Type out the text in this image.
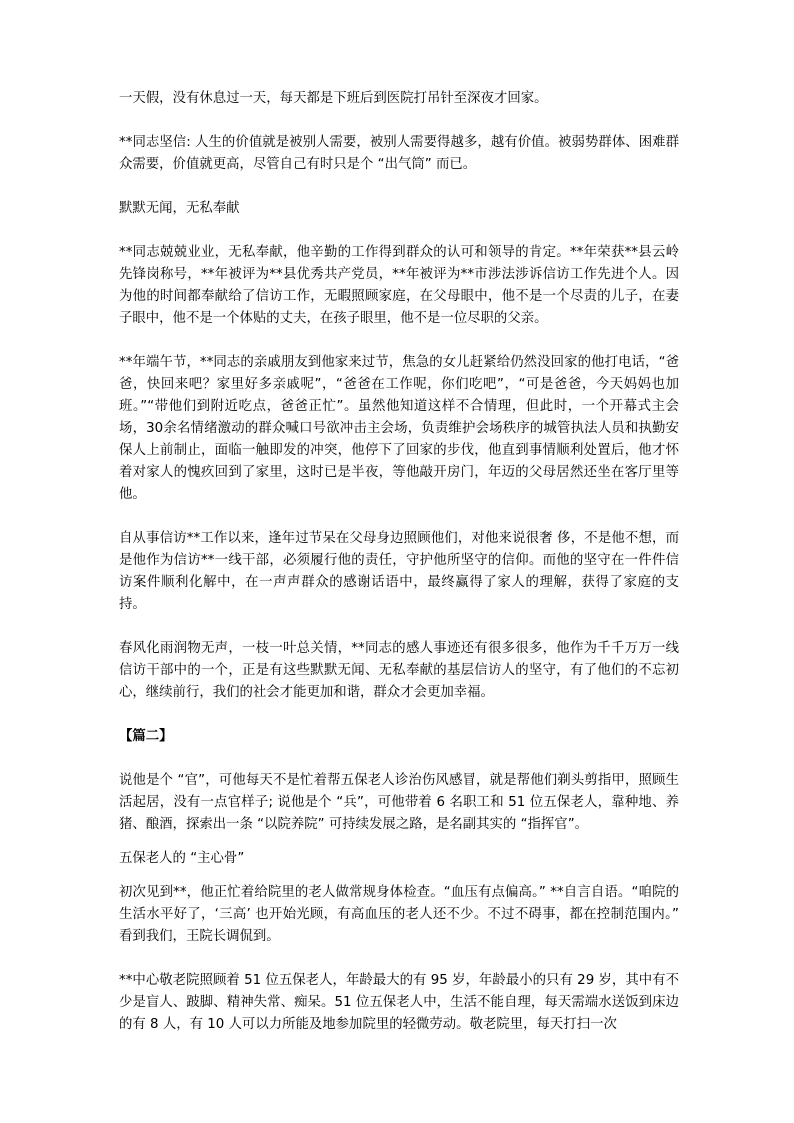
一天假，没有休息过一天，每天都是下班后到医院打吊针至深夜才回家。

**同志坚信: 人生的价值就是被别人需要，被别人需要得越多，越有价值。被弱势群体、困难群众需要，价值就更高，尽管自己有时只是个 “出气筒” 而已。

默默无闻，无私奉献

**同志兢兢业业，无私奉献，他辛勤的工作得到群众的认可和领导的肯定。**年荣获**县云岭先锋岗称号，**年被评为**县优秀共产党员，**年被评为**市涉法涉诉信访工作先进个人。因为他的时间都奉献给了信访工作，无暇照顾家庭，在父母眼中，他不是一个尽责的儿子，在妻子眼中，他不是一个体贴的丈夫，在孩子眼里，他不是一位尽职的父亲。

**年端午节，**同志的亲戚朋友到他家来过节，焦急的女儿赶紧给仍然没回家的他打电话，“爸爸，快回来吧？家里好多亲戚呢”，“爸爸在工作呢，你们吃吧”，“可是爸爸，今天妈妈也加班。”“带他们到附近吃点，爸爸正忙”。虽然他知道这样不合情理，但此时，一个开幕式主会场，30余名情绪激动的群众喊口号欲冲击主会场，负责维护会场秩序的城管执法人员和执勤安保人上前制止，面临一触即发的冲突，他停下了回家的步伐，他直到事情顺利处置后，他才怀着对家人的愧疚回到了家里，这时已是半夜，等他敲开房门，年迈的父母居然还坐在客厅里等他。

自从事信访**工作以来，逢年过节呆在父母身边照顾他们，对他来说很奢 侈，不是他不想，而是他作为信访**一线干部，必须履行他的责任，守护他所坚守的信仰。而他的坚守在一件件信访案件顺利化解中，在一声声群众的感谢话语中，最终赢得了家人的理解，获得了家庭的支持。

春风化雨润物无声，一枝一叶总关情，**同志的感人事迹还有很多很多，他作为千千万万一线信访干部中的一个，正是有这些默默无闻、无私奉献的基层信访人的坚守，有了他们的不忘初心，继续前行，我们的社会才能更加和谐，群众才会更加幸福。

【篇二】

说他是个 “官”，可他每天不是忙着帮五保老人诊治伤风感冒，就是帮他们剃头剪指甲，照顾生活起居，没有一点官样子; 说他是个 “兵”，可他带着 6 名职工和 51 位五保老人，靠种地、养猪、酿酒，探索出一条 “以院养院” 可持续发展之路，是名副其实的 “指挥官”。

五保老人的 “主心骨”

初次见到**，他正忙着给院里的老人做常规身体检查。“血压有点偏高。” **自言自语。“咱院的生活水平好了，‘三高’ 也开始光顾，有高血压的老人还不少。不过不碍事，都在控制范围内。” 看到我们，王院长调侃到。

**中心敬老院照顾着 51 位五保老人，年龄最大的有 95 岁，年龄最小的只有 29 岁，其中有不少是盲人、跛脚、精神失常、痴呆。51 位五保老人中，生活不能自理，每天需端水送饭到床边的有 8 人，有 10 人可以力所能及地参加院里的轻微劳动。敬老院里，每天打扫一次
